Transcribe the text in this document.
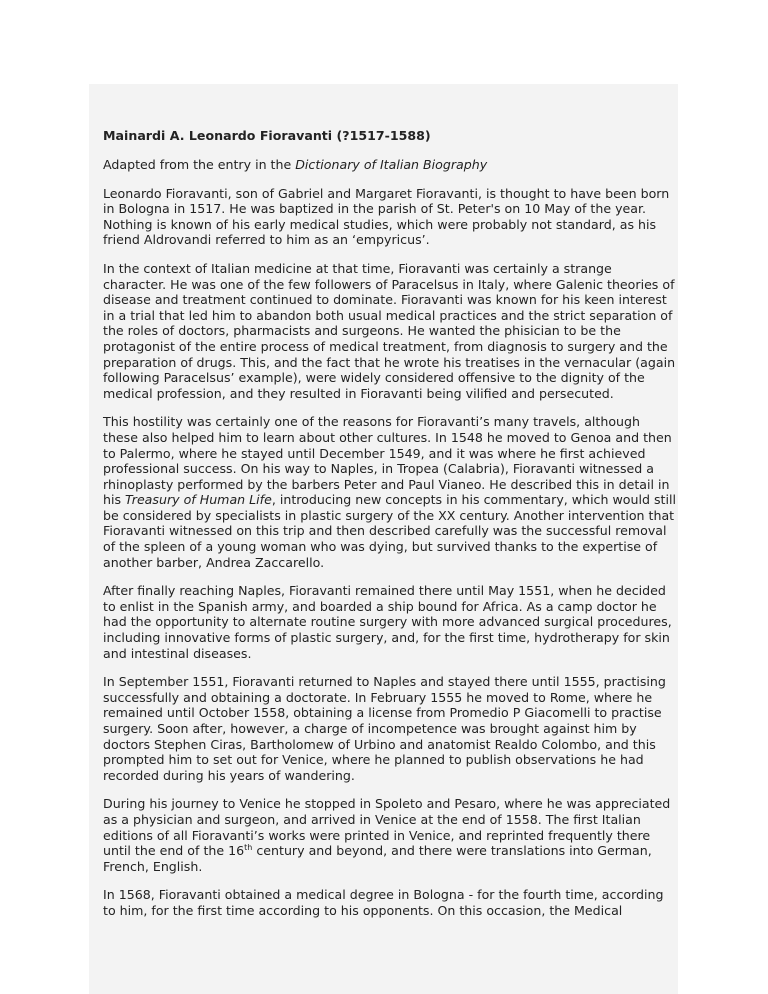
Mainardi A. Leonardo Fioravanti (?1517-1588)

Adapted from the entry in the Dictionary of Italian Biography

Leonardo Fioravanti, son of Gabriel and Margaret Fioravanti, is thought to have been born in Bologna in 1517. He was baptized in the parish of St. Peter's on 10 May of the year. Nothing is known of his early medical studies, which were probably not standard, as his friend Aldrovandi referred to him as an ‘empyricus’.

In the context of Italian medicine at that time, Fioravanti was certainly a strange character. He was one of the few followers of Paracelsus in Italy, where Galenic theories of disease and treatment continued to dominate. Fioravanti was known for his keen interest in a trial that led him to abandon both usual medical practices and the strict separation of the roles of doctors, pharmacists and surgeons. He wanted the phisician to be the protagonist of the entire process of medical treatment, from diagnosis to surgery and the preparation of drugs. This, and the fact that he wrote his treatises in the vernacular (again following Paracelsus’ example), were widely considered offensive to the dignity of the medical profession, and they resulted in Fioravanti being vilified and persecuted.

This hostility was certainly one of the reasons for Fioravanti’s many travels, although these also helped him to learn about other cultures. In 1548 he moved to Genoa and then to Palermo, where he stayed until December 1549, and it was where he first achieved professional success. On his way to Naples, in Tropea (Calabria), Fioravanti witnessed a rhinoplasty performed by the barbers Peter and Paul Vianeo. He described this in detail in his Treasury of Human Life, introducing new concepts in his commentary, which would still be considered by specialists in plastic surgery of the XX century. Another intervention that Fioravanti witnessed on this trip and then described carefully was the successful removal of the spleen of a young woman who was dying, but survived thanks to the expertise of another barber, Andrea Zaccarello.

After finally reaching Naples, Fioravanti remained there until May 1551, when he decided to enlist in the Spanish army, and boarded a ship bound for Africa. As a camp doctor he had the opportunity to alternate routine surgery with more advanced surgical procedures, including innovative forms of plastic surgery, and, for the first time, hydrotherapy for skin and intestinal diseases.

In September 1551, Fioravanti returned to Naples and stayed there until 1555, practising successfully and obtaining a doctorate. In February 1555 he moved to Rome, where he remained until October 1558, obtaining a license from Promedio P Giacomelli to practise surgery. Soon after, however, a charge of incompetence was brought against him by doctors Stephen Ciras, Bartholomew of Urbino and anatomist Realdo Colombo, and this prompted him to set out for Venice, where he planned to publish observations he had recorded during his years of wandering.

During his journey to Venice he stopped in Spoleto and Pesaro, where he was appreciated as a physician and surgeon, and arrived in Venice at the end of 1558. The first Italian editions of all Fioravanti’s works were printed in Venice, and reprinted frequently there until the end of the 16th century and beyond, and there were translations into German, French, English.

In 1568, Fioravanti obtained a medical degree in Bologna - for the fourth time, according to him, for the first time according to his opponents. On this occasion, the Medical
